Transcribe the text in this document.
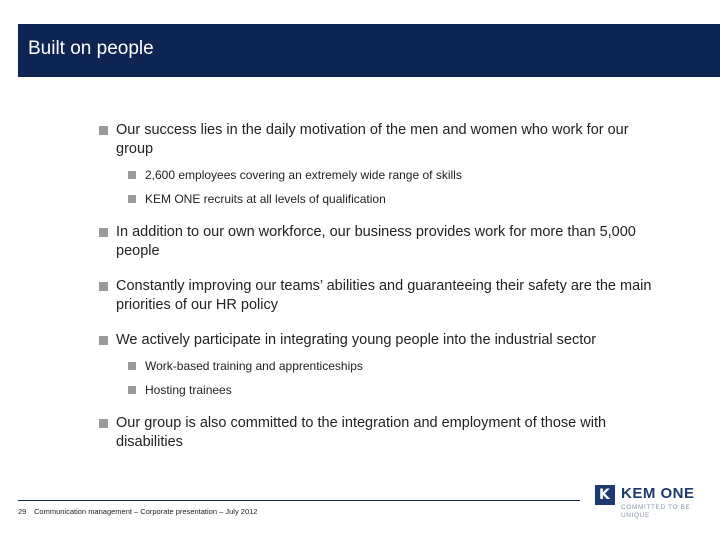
Built on people
Our success lies in the daily motivation of the men and women who work for our group
2,600 employees covering an extremely wide range of skills
KEM ONE recruits at all levels of qualification
In addition to our own workforce, our business provides work for more than 5,000 people
Constantly improving our teams’ abilities and guaranteeing their safety are the main priorities of our HR policy
We actively participate in integrating young people into the industrial sector
Work-based training and apprenticeships
Hosting trainees
Our group is also committed to the integration and employment of those with disabilities
29 Communication management – Corporate presentation – July 2012
K KEM ONE
COMMITTED TO BE UNIQUE
